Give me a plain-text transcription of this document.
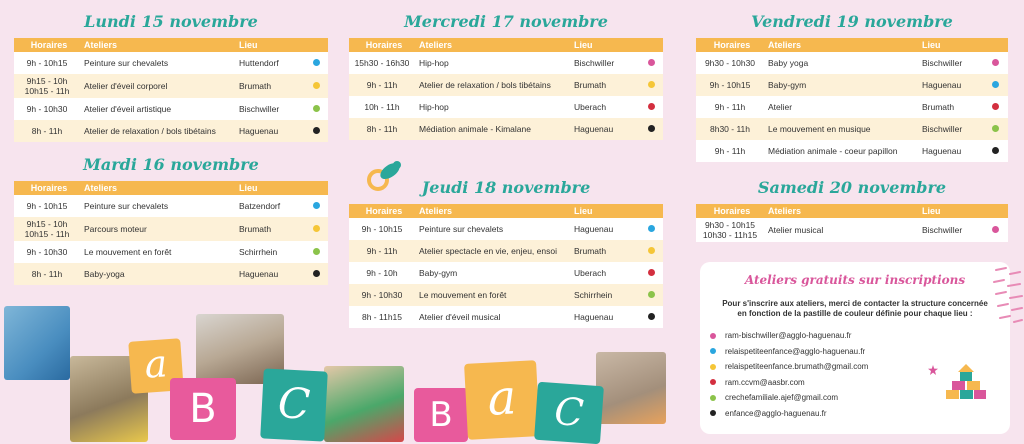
Lundi 15 novembre
Mardi 16 novembre
Mercredi 17 novembre
Jeudi 18 novembre
Vendredi 19 novembre
Samedi 20 novembre
Horaires	Ateliers	Lieu	

9h - 10h15	Peinture sur chevalets	Huttendorf	

9h15 - 10h
10h15 - 11h	Atelier d'éveil corporel	Brumath	

9h - 10h30	Atelier d'éveil artistique	Bischwiller	

8h - 11h	Atelier de relaxation / bols tibétains	Haguenau	
Horaires	Ateliers	Lieu	

9h - 10h15	Peinture sur chevalets	Batzendorf	

9h15 - 10h
10h15 - 11h	Parcours moteur	Brumath	

9h - 10h30	Le mouvement en forêt	Schirrhein	

8h - 11h	Baby-yoga	Haguenau	
Horaires	Ateliers	Lieu	

15h30 - 16h30	Hip-hop	Bischwiller	

9h - 11h	Atelier de relaxation / bols tibétains	Brumath	

10h - 11h	Hip-hop	Uberach	

8h - 11h	Médiation animale - Kimalane	Haguenau	
Horaires	Ateliers	Lieu	

9h - 10h15	Peinture sur chevalets	Haguenau	

9h - 11h	Atelier spectacle en vie, enjeu, ensoi	Brumath	

9h - 10h	Baby-gym	Uberach	

9h - 10h30	Le mouvement en forêt	Schirrhein	

8h - 11h15	Atelier d'éveil musical	Haguenau	
Horaires	Ateliers	Lieu	

9h30 - 10h30	Baby yoga	Bischwiller	

9h - 10h15	Baby-gym	Haguenau	

9h - 11h	Atelier	Brumath	

8h30 - 11h	Le mouvement en musique	Bischwiller	

9h - 11h	Médiation animale - coeur papillon	Haguenau	
Horaires	Ateliers	Lieu	

9h30 - 10h15
10h30 - 11h15	Atelier musical	Bischwiller	
Ateliers gratuits sur inscriptions
Pour s'inscrire aux ateliers, merci de contacter la structure concernée
en fonction de la pastille de couleur définie pour chaque lieu :
ram-bischwiller@agglo-haguenau.fr
relaispetiteenfance@agglo-haguenau.fr
relaispetiteenfance.brumath@gmail.com
ram.ccvm@aasbr.com
crechefamiliale.ajef@gmail.com
enfance@agglo-haguenau.fr
a
B	C	B a C
